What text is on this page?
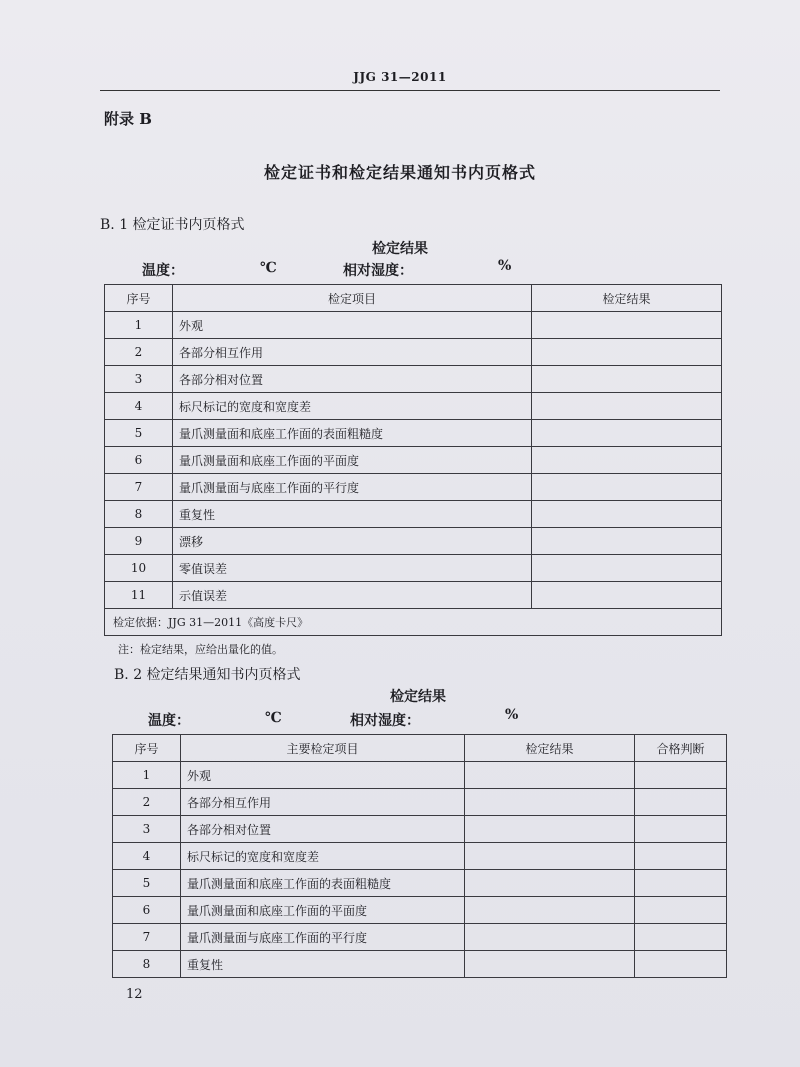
JJG 31—2011
附录 B
检定证书和检定结果通知书内页格式
B. 1 检定证书内页格式
检定结果
温度：	℃	相对湿度：	%
序号	检定项目	检定结果
1	外观	
2	各部分相互作用	
3	各部分相对位置	
4	标尺标记的宽度和宽度差	
5	量爪测量面和底座工作面的表面粗糙度	
6	量爪测量面和底座工作面的平面度	
7	量爪测量面与底座工作面的平行度	
8	重复性	
9	漂移	
10	零值误差	
11	示值误差	
检定依据：JJG 31—2011《高度卡尺》		
注：检定结果，应给出量化的值。
B. 2 检定结果通知书内页格式
检定结果
温度：	℃	相对湿度：	%
序号	主要检定项目	检定结果	合格判断
1	外观		
2	各部分相互作用		
3	各部分相对位置		
4	标尺标记的宽度和宽度差		
5	量爪测量面和底座工作面的表面粗糙度		
6	量爪测量面和底座工作面的平面度		
7	量爪测量面与底座工作面的平行度		
8	重复性		
12
